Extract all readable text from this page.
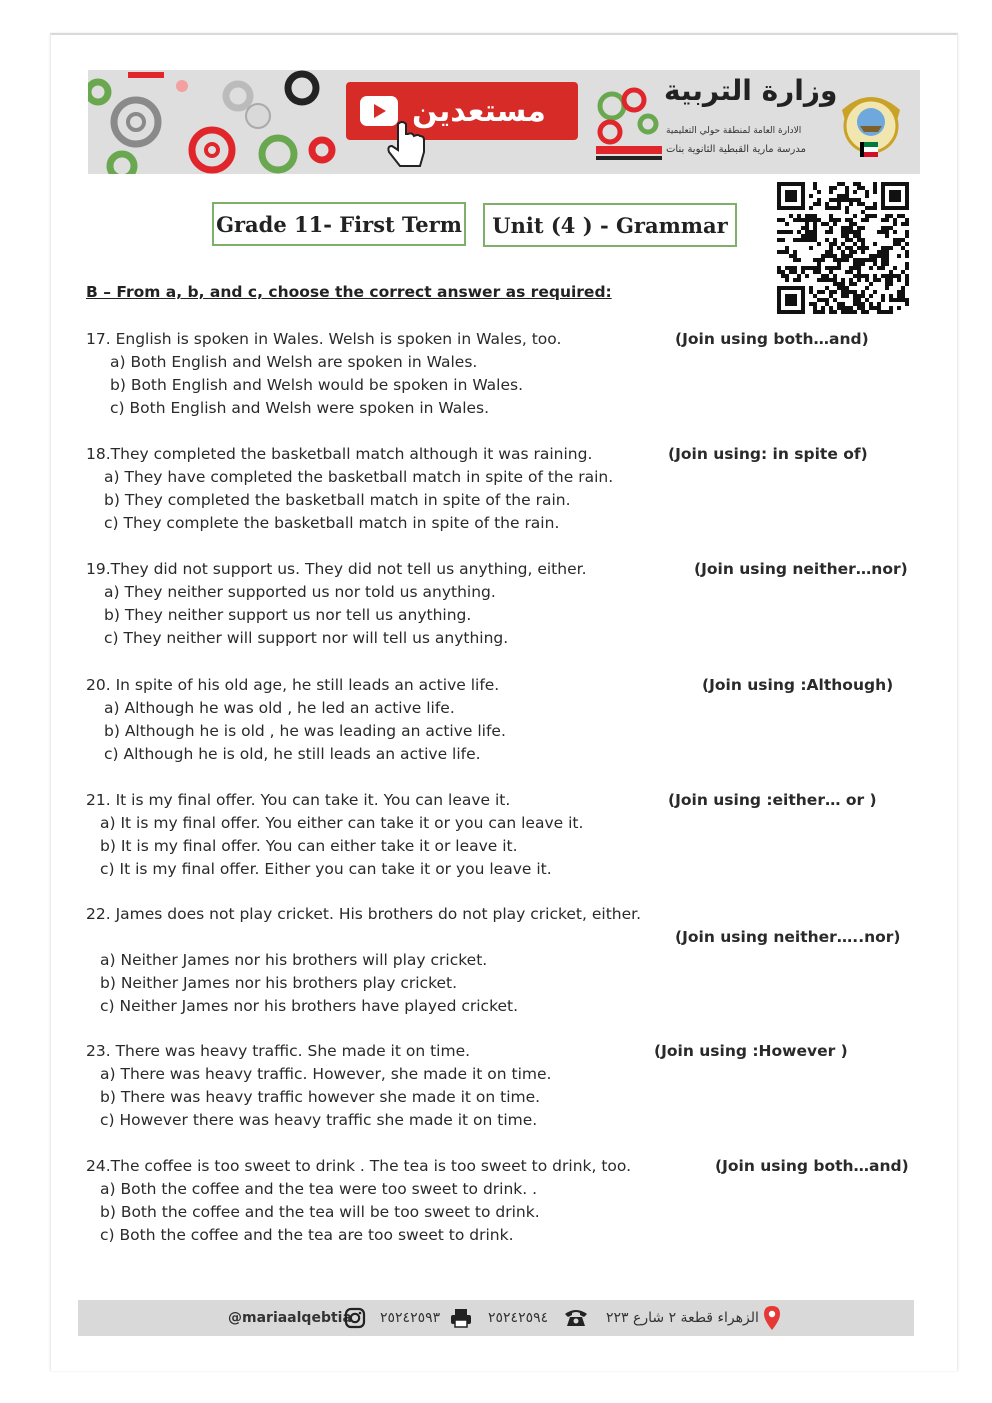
مستعدين
وزارة التربية
الادارة العامة لمنطقة حولي التعليمية
مدرسة مارية القبطية الثانوية بنات
Grade 11- First Term	Unit (4 ) - Grammar
B – From a, b, and c, choose the correct answer as required:
17. English is spoken in Wales. Welsh is spoken in Wales, too.	(Join using both…and)
a) Both English and Welsh are spoken in Wales.
b) Both English and Welsh would be spoken in Wales.
c) Both English and Welsh were spoken in Wales.
18.They completed the basketball match although it was raining.	(Join using: in spite of)
a) They have completed the basketball match in spite of the rain.
b) They completed the basketball match in spite of the rain.
c) They complete the basketball match in spite of the rain.
19.They did not support us. They did not tell us anything, either.	(Join using neither…nor)
a) They neither supported us nor told us anything.
b) They neither support us nor tell us anything.
c) They neither will support nor will tell us anything.
20. In spite of his old age, he still leads an active life.	(Join using :Although)
a) Although he was old , he led an active life.
b) Although he is old , he was leading an active life.
c) Although he is old, he still leads an active life.
21. It is my final offer. You can take it. You can leave it.	(Join using :either… or )
a) It is my final offer. You either can take it or you can leave it.
b) It is my final offer. You can either take it or leave it.
c) It is my final offer. Either you can take it or you leave it.
22. James does not play cricket. His brothers do not play cricket, either.
(Join using neither…..nor)
a) Neither James nor his brothers will play cricket.
b) Neither James nor his brothers play cricket.
c) Neither James nor his brothers have played cricket.
23. There was heavy traffic. She made it on time.	(Join using :However )
a) There was heavy traffic. However, she made it on time.
b) There was heavy traffic however she made it on time.
c) However there was heavy traffic she made it on time.
24.The coffee is too sweet to drink . The tea is too sweet to drink, too.	(Join using both…and)
a) Both the coffee and the tea were too sweet to drink. .
b) Both the coffee and the tea will be too sweet to drink.
c) Both the coffee and the tea are too sweet to drink.
@mariaalqebtia ٢٥٢٤٢٥٩٣	٢٥٢٤٢٥٩٤	الزهراء قطعة ٢ شارع ٢٢٣
